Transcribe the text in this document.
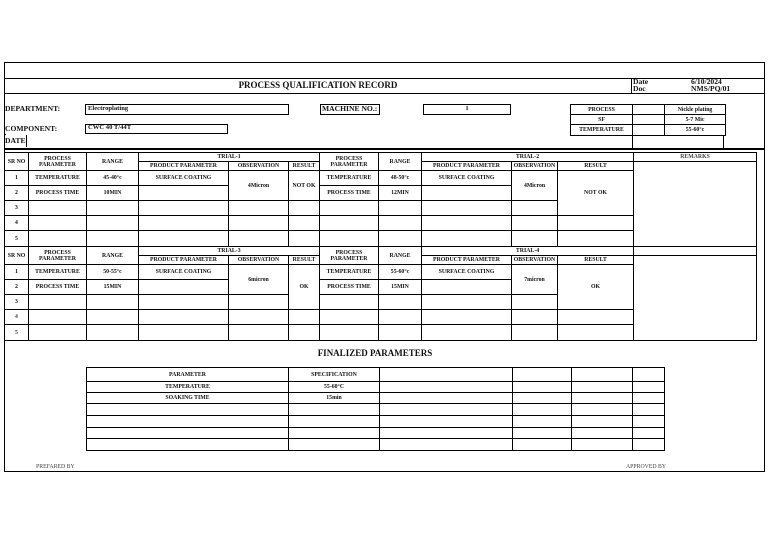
PROCESS QUALIFICATION RECORD	Date	6/10/2024
Doc	NMS/PQ/01
DEPARTMENT:	Electroplating	MACHINE NO.:	1
COMPONENT:	CWC 40 T/44T
DATE
PROCESS		Nickle plating
SF		5-7 Mic
TEMPERATURE		55-60°c
SR NO	PROCESS PARAMETER	RANGE	TRIAL-1			PROCESS PARAMETER	RANGE	TRIAL-2			REMARKS
			PRODUCT PARAMETER	OBSERVATION	RESULT			PRODUCT PARAMETER	OBSERVATION	RESULT	
1	TEMPERATURE	45-40°c	SURFACE COATING	4Micron	NOT OK	TEMPERATURE	48-50°c	SURFACE COATING	4Micron	NOT OK	
2	PROCESS TIME	10MIN				PROCESS TIME	12MIN				
3											
4											
5											
SR NO	PROCESS PARAMETER	RANGE	TRIAL-3			PROCESS PARAMETER	RANGE	TRIAL-4			
			PRODUCT PARAMETER	OBSERVATION	RESULT			PRODUCT PARAMETER	OBSERVATION	RESULT	
1	TEMPERATURE	50-55°c	SURFACE COATING	6micron	OK	TEMPERATURE	55-60°c	SURFACE COATING	7micron	OK	
2	PROCESS TIME	15MIN				PROCESS TIME	15MIN				
3											
4											
5											
FINALIZED PARAMETERS
PARAMETER	SPECIFICATION				
TEMPERATURE	55-60°C				
SOAKING TIME	15min				

PREFARED BY	APPROVED BY
